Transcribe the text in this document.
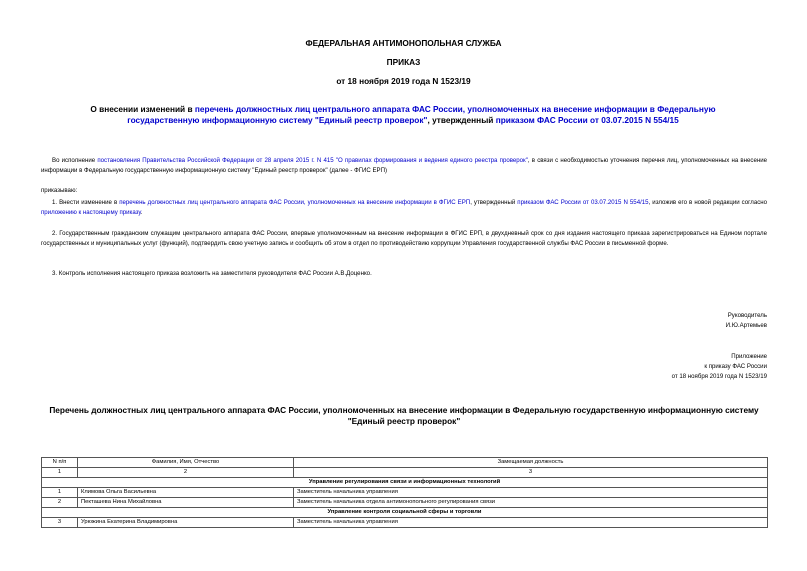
ФЕДЕРАЛЬНАЯ АНТИМОНОПОЛЬНАЯ СЛУЖБА
ПРИКАЗ
от 18 ноября 2019 года N 1523/19
О внесении изменений в перечень должностных лиц центрального аппарата ФАС России, уполномоченных на внесение информации в Федеральную государственную информационную систему "Единый реестр проверок", утвержденный приказом ФАС России от 03.07.2015 N 554/15
Во исполнение постановления Правительства Российской Федерации от 28 апреля 2015 г. N 415 "О правилах формирования и ведения единого реестра проверок", в связи с необходимостью уточнения перечня лиц, уполномоченных на внесение информации в Федеральную государственную информационную систему "Единый реестр проверок" (далее - ФГИС ЕРП)
приказываю:
1. Внести изменение в перечень должностных лиц центрального аппарата ФАС России, уполномоченных на внесение информации в ФГИС ЕРП, утвержденный приказом ФАС России от 03.07.2015 N 554/15, изложив его в новой редакции согласно приложению к настоящему приказу.
2. Государственным гражданским служащим центрального аппарата ФАС России, впервые уполномоченным на внесение информации в ФГИС ЕРП, в двухдневный срок со дня издания настоящего приказа зарегистрироваться на Едином портале государственных и муниципальных услуг (функций), подтвердить свою учетную запись и сообщить об этом в отдел по противодействию коррупции Управления государственной службы ФАС России в письменной форме.
3. Контроль исполнения настоящего приказа возложить на заместителя руководителя ФАС России А.В.Доценко.
Руководитель
И.Ю.Артемьев
Приложение
к приказу ФАС России
от 18 ноября 2019 года N 1523/19
Перечень должностных лиц центрального аппарата ФАС России, уполномоченных на внесение информации в Федеральную государственную информационную систему "Единый реестр проверок"
N п/п	Фамилия, Имя, Отчество	Замещаемая должность
1	2	3
Управление регулирования связи и информационных технологий		
1	Климова Ольга Васильевна	Заместитель начальника управления
2	Пекташева Нина Михайловна	Заместитель начальника отдела антимонопольного регулирования связи
Управление контроля социальной сферы и торговли		
3	Урюжина Екатерина Владимировна	Заместитель начальника управления
